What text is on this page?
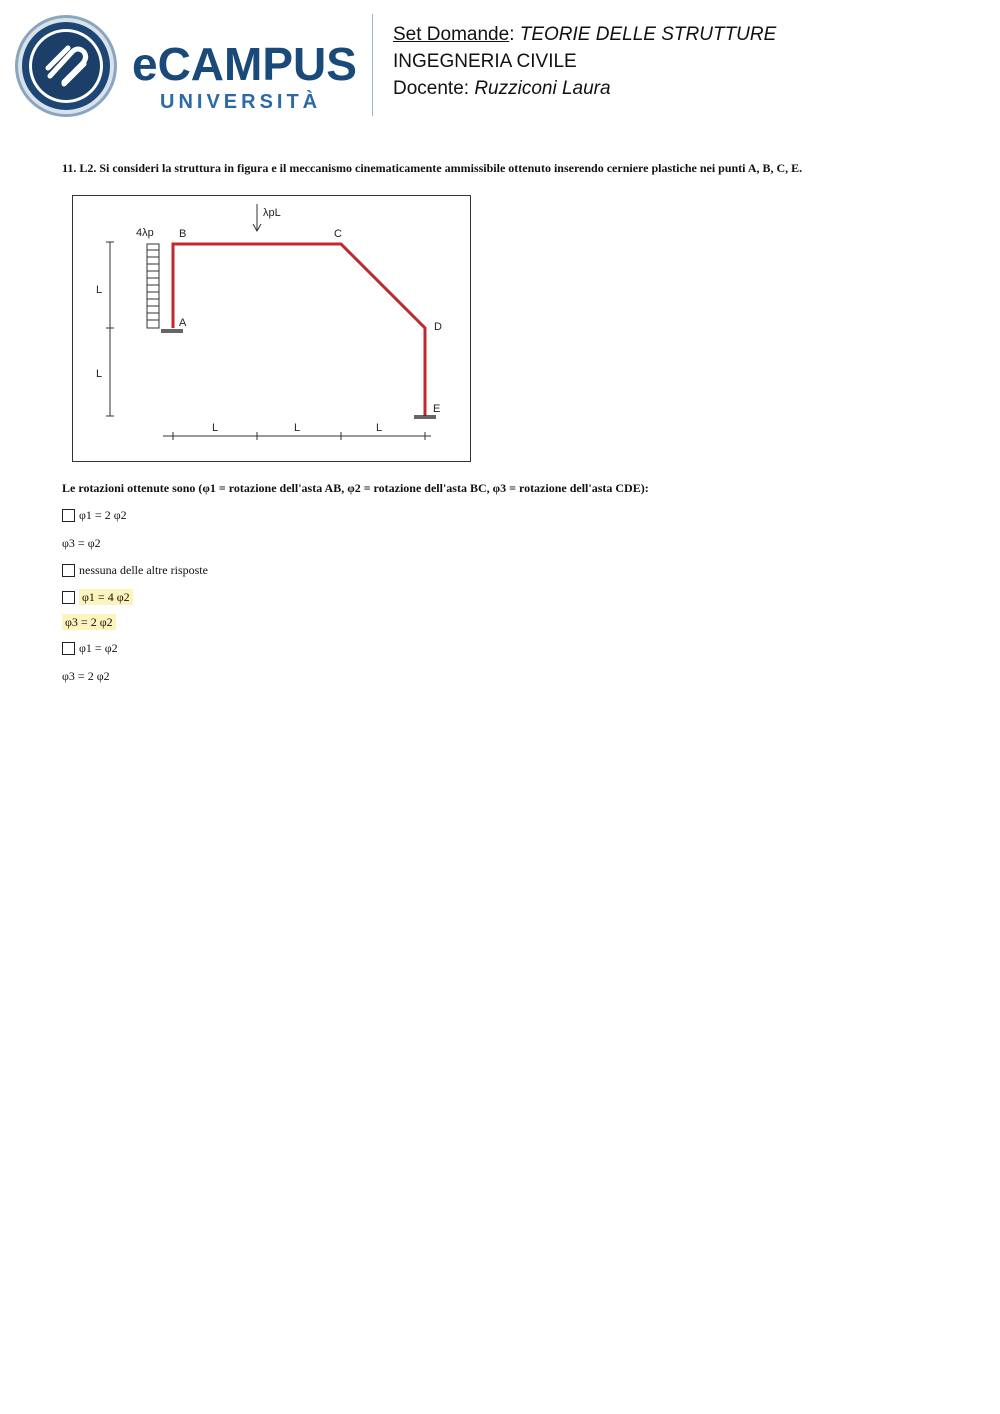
eCAMPUS
UNIVERSITÀ
Set Domande: TEORIE DELLE STRUTTURE
INGEGNERIA CIVILE
Docente: Ruzziconi Laura
11. L2. Si consideri la struttura in figura e il meccanismo cinematicamente ammissibile ottenuto inserendo cerniere plastiche nei punti A, B, C, E.
L
L
L	L	L
4λp
λpL
A
B	C
D
E
Le rotazioni ottenute sono (φ1 = rotazione dell'asta AB, φ2 = rotazione dell'asta BC, φ3 = rotazione dell'asta CDE):
φ1 = 2 φ2
φ3 = φ2
nessuna delle altre risposte
φ1 = 4 φ2
φ3 = 2 φ2
φ1 = φ2
φ3 = 2 φ2
